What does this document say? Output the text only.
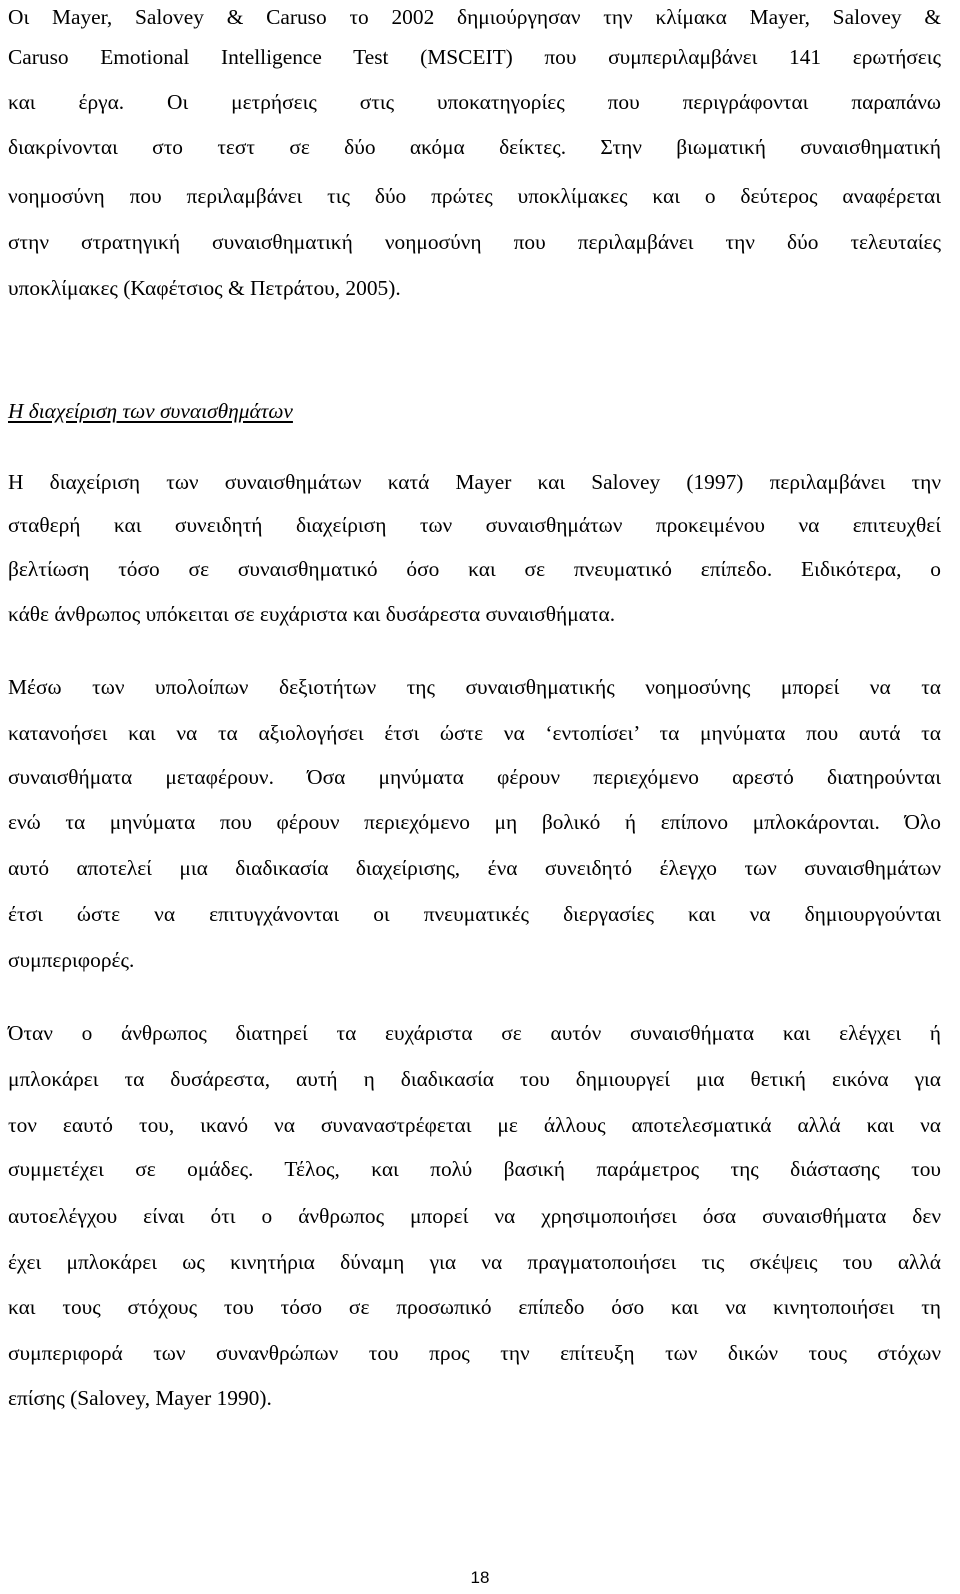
Οι Mayer, Salovey & Caruso το 2002 δημιούργησαν την κλίμακα Mayer, Salovey &
Caruso Emotional Intelligence Test (MSCEIT) που συμπεριλαμβάνει 141 ερωτήσεις
και έργα. Οι μετρήσεις στις υποκατηγορίες που περιγράφονται παραπάνω
διακρίνονται στο τεστ σε δύο ακόμα δείκτες. Στην βιωματική συναισθηματική
νοημοσύνη που περιλαμβάνει τις δύο πρώτες υποκλίμακες και ο δεύτερος αναφέρεται
στην στρατηγική συναισθηματική νοημοσύνη που περιλαμβάνει την δύο τελευταίες
υποκλίμακες (Καφέτσιος & Πετράτου, 2005).
Η διαχείριση των συναισθημάτων
Η διαχείριση των συναισθημάτων κατά Mayer και Salovey (1997) περιλαμβάνει την
σταθερή και συνειδητή διαχείριση των συναισθημάτων προκειμένου να επιτευχθεί
βελτίωση τόσο σε συναισθηματικό όσο και σε πνευματικό επίπεδο. Ειδικότερα, ο
κάθε άνθρωπος υπόκειται σε ευχάριστα και δυσάρεστα συναισθήματα.
Μέσω των υπολοίπων δεξιοτήτων της συναισθηματικής νοημοσύνης μπορεί να τα
κατανοήσει και να τα αξιολογήσει έτσι ώστε να ‘εντοπίσει’ τα μηνύματα που αυτά τα
συναισθήματα μεταφέρουν. Όσα μηνύματα φέρουν περιεχόμενο αρεστό διατηρούνται
ενώ τα μηνύματα που φέρουν περιεχόμενο μη βολικό ή επίπονο μπλοκάρονται. Όλο
αυτό αποτελεί μια διαδικασία διαχείρισης, ένα συνειδητό έλεγχο των συναισθημάτων
έτσι ώστε να επιτυγχάνονται οι πνευματικές διεργασίες και να δημιουργούνται
συμπεριφορές.
Όταν ο άνθρωπος διατηρεί τα ευχάριστα σε αυτόν συναισθήματα και ελέγχει ή
μπλοκάρει τα δυσάρεστα, αυτή η διαδικασία του δημιουργεί μια θετική εικόνα για
τον εαυτό του, ικανό να συναναστρέφεται με άλλους αποτελεσματικά αλλά και να
συμμετέχει σε ομάδες. Τέλος, και πολύ βασική παράμετρος της διάστασης του
αυτοελέγχου είναι ότι ο άνθρωπος μπορεί να χρησιμοποιήσει όσα συναισθήματα δεν
έχει μπλοκάρει ως κινητήρια δύναμη για να πραγματοποιήσει τις σκέψεις του αλλά
και τους στόχους του τόσο σε προσωπικό επίπεδο όσο και να κινητοποιήσει τη
συμπεριφορά των συνανθρώπων του προς την επίτευξη των δικών τους στόχων
επίσης (Salovey, Mayer 1990).
18
